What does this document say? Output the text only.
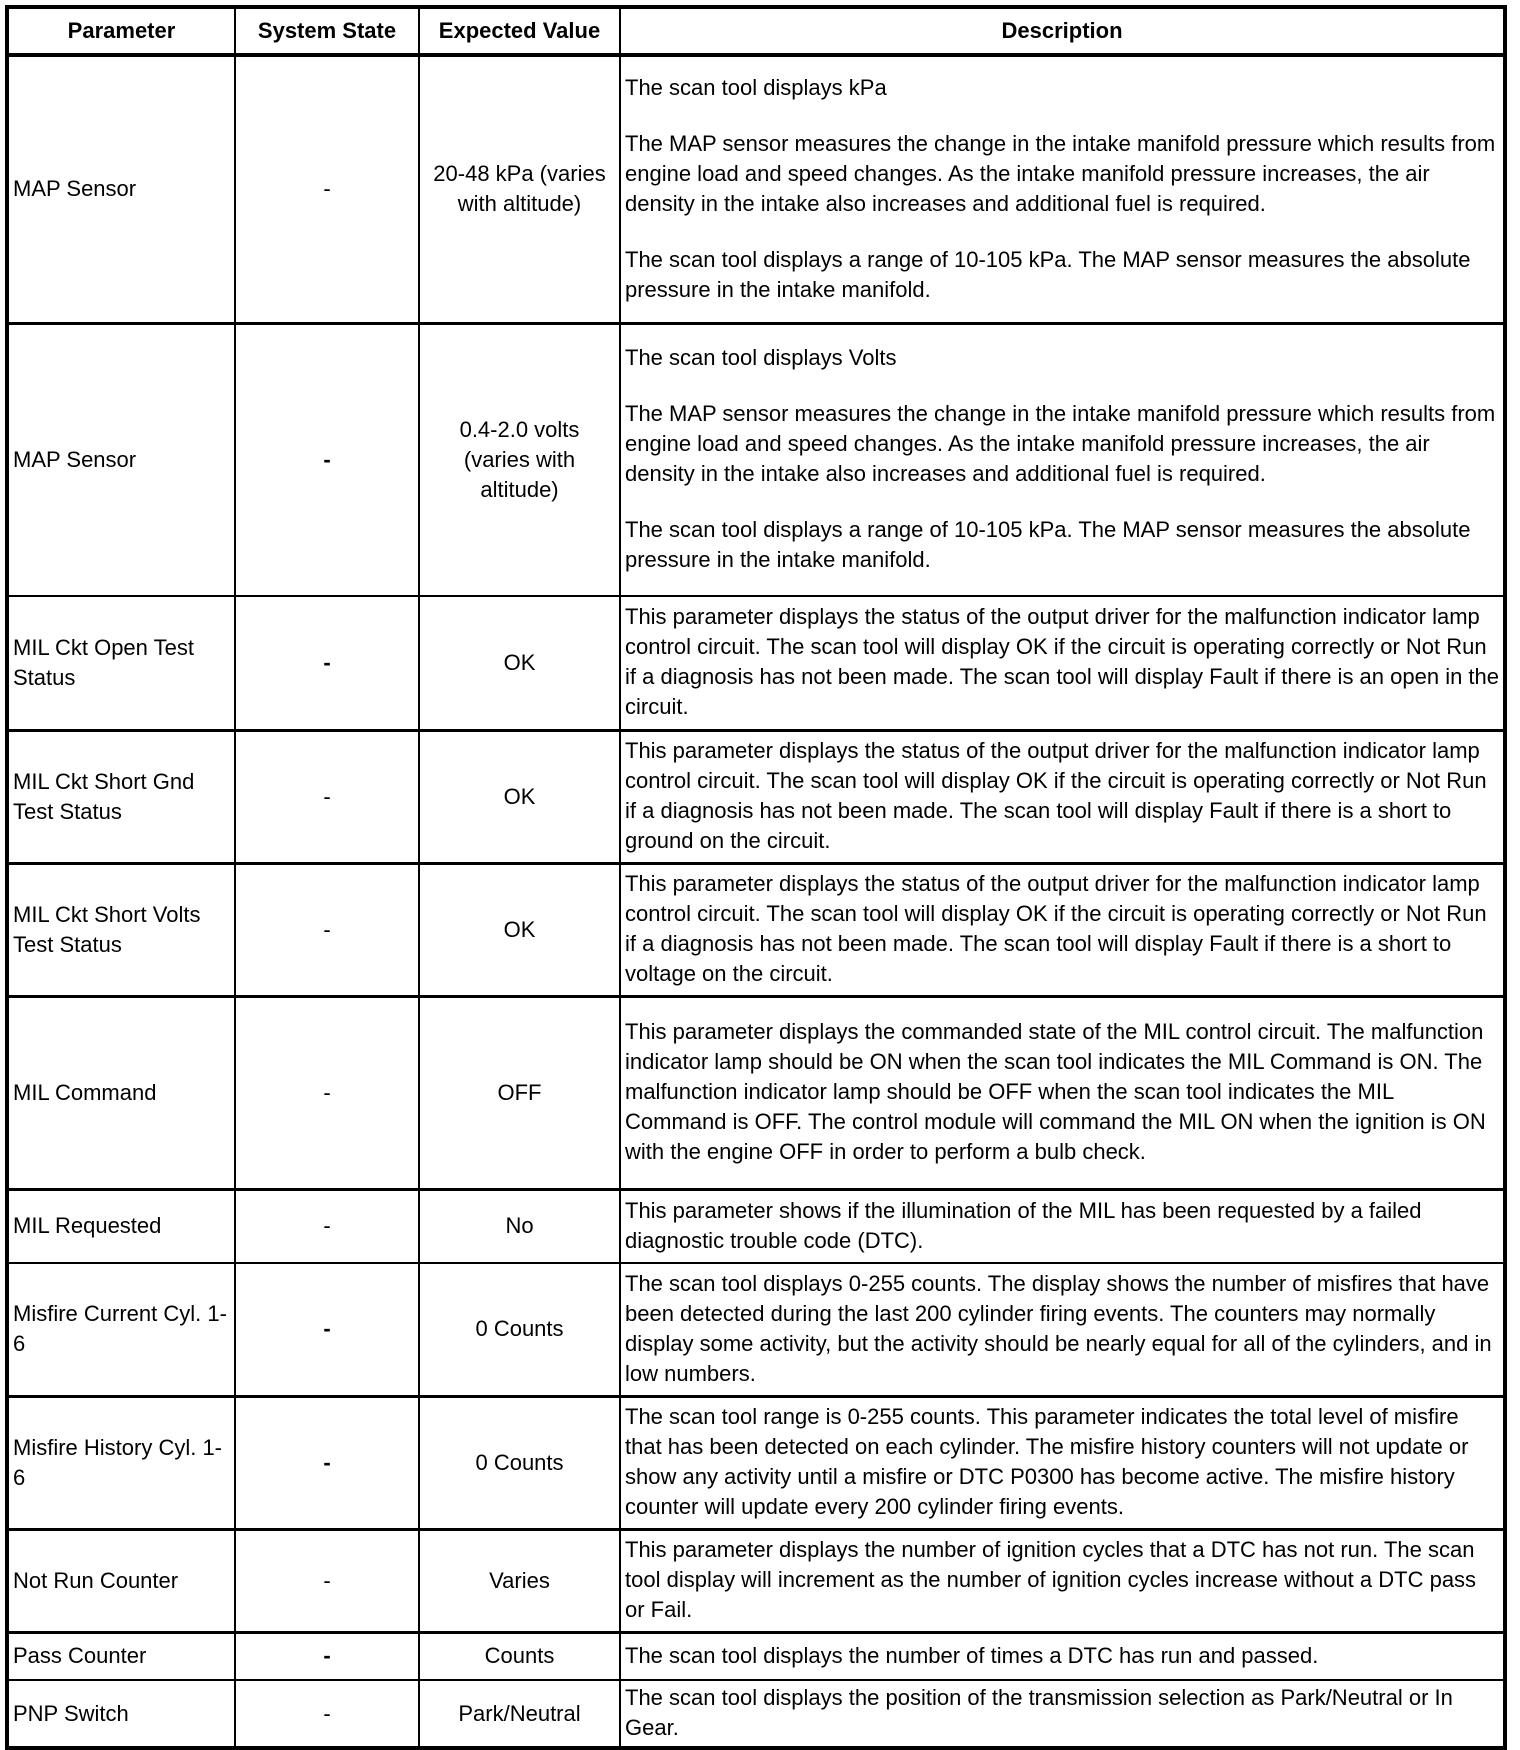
Parameter	System State	Expected Value	Description
MAP Sensor	-	20-48 kPa (varies with altitude)	The scan tool displays kPa

The MAP sensor measures the change in the intake manifold pressure which results from engine load and speed changes. As the intake manifold pressure increases, the air density in the intake also increases and additional fuel is required.

The scan tool displays a range of 10-105 kPa. The MAP sensor measures the absolute pressure in the intake manifold.

MAP Sensor	-	0.4-2.0 volts (varies with altitude)	The scan tool displays Volts

The MAP sensor measures the change in the intake manifold pressure which results from engine load and speed changes. As the intake manifold pressure increases, the air density in the intake also increases and additional fuel is required.

The scan tool displays a range of 10-105 kPa. The MAP sensor measures the absolute pressure in the intake manifold.

MIL Ckt Open Test Status	-	OK	This parameter displays the status of the output driver for the malfunction indicator lamp control circuit. The scan tool will display OK if the circuit is operating correctly or Not Run if a diagnosis has not been made. The scan tool will display Fault if there is an open in the circuit.

MIL Ckt Short Gnd Test Status	-	OK	This parameter displays the status of the output driver for the malfunction indicator lamp control circuit. The scan tool will display OK if the circuit is operating correctly or Not Run if a diagnosis has not been made. The scan tool will display Fault if there is a short to ground on the circuit.

MIL Ckt Short Volts Test Status	-	OK	This parameter displays the status of the output driver for the malfunction indicator lamp control circuit. The scan tool will display OK if the circuit is operating correctly or Not Run if a diagnosis has not been made. The scan tool will display Fault if there is a short to voltage on the circuit.

MIL Command	-	OFF	This parameter displays the commanded state of the MIL control circuit. The malfunction indicator lamp should be ON when the scan tool indicates the MIL Command is ON. The malfunction indicator lamp should be OFF when the scan tool indicates the MIL Command is OFF. The control module will command the MIL ON when the ignition is ON with the engine OFF in order to perform a bulb check.

MIL Requested	-	No	This parameter shows if the illumination of the MIL has been requested by a failed diagnostic trouble code (DTC).

Misfire Current Cyl. 1-6	-	0 Counts	The scan tool displays 0-255 counts. The display shows the number of misfires that have been detected during the last 200 cylinder firing events. The counters may normally display some activity, but the activity should be nearly equal for all of the cylinders, and in low numbers.

Misfire History Cyl. 1-6	-	0 Counts	The scan tool range is 0-255 counts. This parameter indicates the total level of misfire that has been detected on each cylinder. The misfire history counters will not update or show any activity until a misfire or DTC P0300 has become active. The misfire history counter will update every 200 cylinder firing events.

Not Run Counter	-	Varies	This parameter displays the number of ignition cycles that a DTC has not run. The scan tool display will increment as the number of ignition cycles increase without a DTC pass or Fail.

Pass Counter	-	Counts	The scan tool displays the number of times a DTC has run and passed.

PNP Switch	-	Park/Neutral	The scan tool displays the position of the transmission selection as Park/Neutral or In Gear.
